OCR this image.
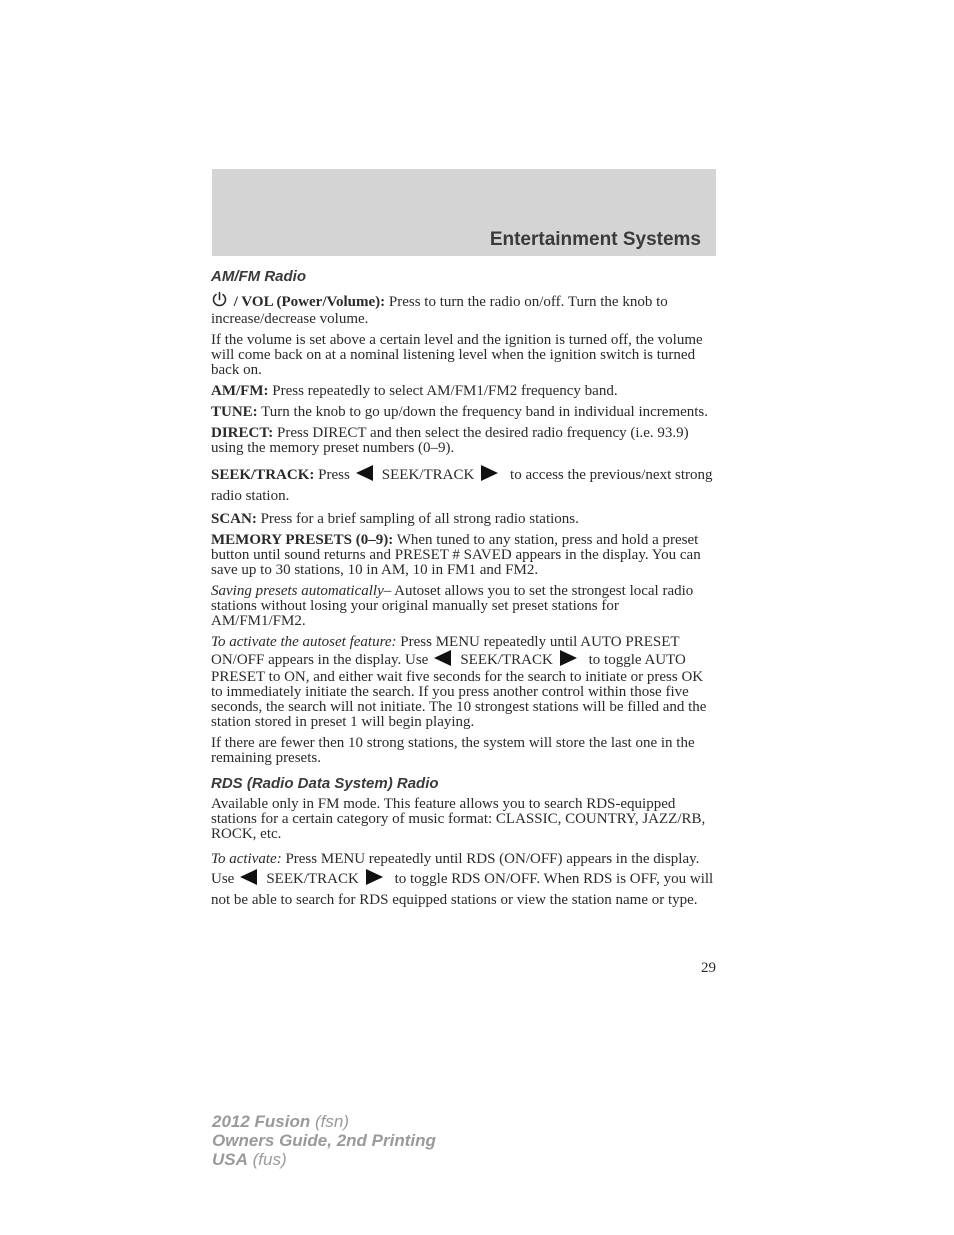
Entertainment Systems
AM/FM Radio

/ VOL (Power/Volume): Press to turn the radio on/off. Turn the knob to increase/decrease volume.

If the volume is set above a certain level and the ignition is turned off, the volume will come back on at a nominal listening level when the ignition switch is turned back on.

AM/FM: Press repeatedly to select AM/FM1/FM2 frequency band.

TUNE: Turn the knob to go up/down the frequency band in individual increments.

DIRECT: Press DIRECT and then select the desired radio frequency (i.e. 93.9) using the memory preset numbers (0–9).

SEEK/TRACK: Press SEEK/TRACK to access the previous/next strong radio station.

SCAN: Press for a brief sampling of all strong radio stations.

MEMORY PRESETS (0–9): When tuned to any station, press and hold a preset button until sound returns and PRESET # SAVED appears in the display. You can save up to 30 stations, 10 in AM, 10 in FM1 and FM2.

Saving presets automatically– Autoset allows you to set the strongest local radio stations without losing your original manually set preset stations for AM/FM1/FM2.

To activate the autoset feature: Press MENU repeatedly until AUTO PRESET ON/OFF appears in the display. Use SEEK/TRACK to toggle AUTO PRESET to ON, and either wait five seconds for the search to initiate or press OK to immediately initiate the search. If you press another control within those five seconds, the search will not initiate. The 10 strongest stations will be filled and the station stored in preset 1 will begin playing.

If there are fewer then 10 strong stations, the system will store the last one in the remaining presets.

RDS (Radio Data System) Radio

Available only in FM mode. This feature allows you to search RDS-equipped stations for a certain category of music format: CLASSIC, COUNTRY, JAZZ/RB, ROCK, etc.

To activate: Press MENU repeatedly until RDS (ON/OFF) appears in the display. Use SEEK/TRACK to toggle RDS ON/OFF. When RDS is OFF, you will not be able to search for RDS equipped stations or view the station name or type.

29
2012 Fusion (fsn)
Owners Guide, 2nd Printing
USA (fus)
